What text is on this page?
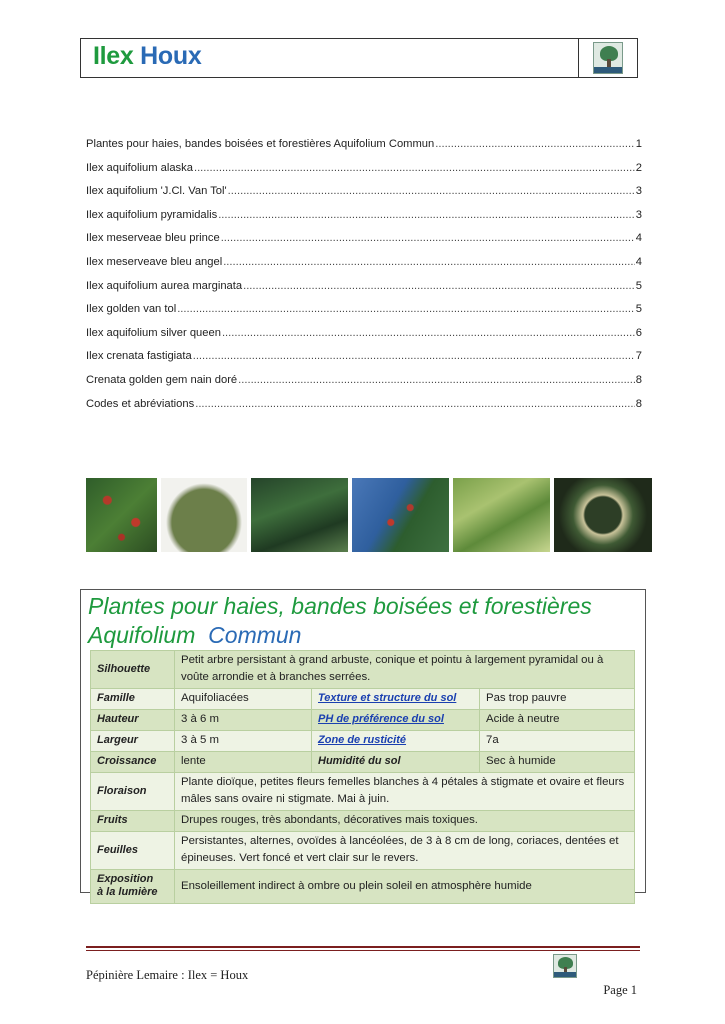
Ilex Houx
Plantes pour haies, bandes boisées et forestières Aquifolium Commun .....	1
Ilex aquifolium alaska .....	2
Ilex aquifolium 'J.Cl. Van Tol' .....	3
Ilex aquifolium pyramidalis .....	3
Ilex meserveae bleu prince .....	4
Ilex meserveave bleu angel .....	4
Ilex aquifolium aurea marginata .....	5
Ilex golden van tol .....	5
Ilex aquifolium silver queen .....	6
Ilex crenata fastigiata .....	7
Crenata golden gem nain doré .....	8
Codes et abréviations .....	8
Plantes pour haies, bandes boisées et forestières
Aquifolium Commun
Silhouette	Petit arbre persistant à grand arbuste, conique et pointu à largement pyramidal ou à voûte arrondie et à branches serrées.		
Famille	Aquifoliacées	Texture et structure du sol	Pas trop pauvre
Hauteur	3 à 6 m	PH de préférence du sol	Acide à neutre
Largeur	3 à 5 m	Zone de rusticité	7a
Croissance	lente	Humidité du sol	Sec à humide
Floraison	Plante dioïque, petites fleurs femelles blanches à 4 pétales à stigmate et ovaire et fleurs mâles sans ovaire ni stigmate. Mai à juin.		
Fruits	Drupes rouges, très abondants, décoratives mais toxiques.		
Feuilles	Persistantes, alternes, ovoïdes à lancéolées, de 3 à 8 cm de long, coriaces, dentées et épineuses. Vert foncé et vert clair sur le revers.		
Exposition
à la lumière	Ensoleillement indirect à ombre ou plein soleil en atmosphère humide		
Pépinière Lemaire : Ilex = Houx
Page 1
